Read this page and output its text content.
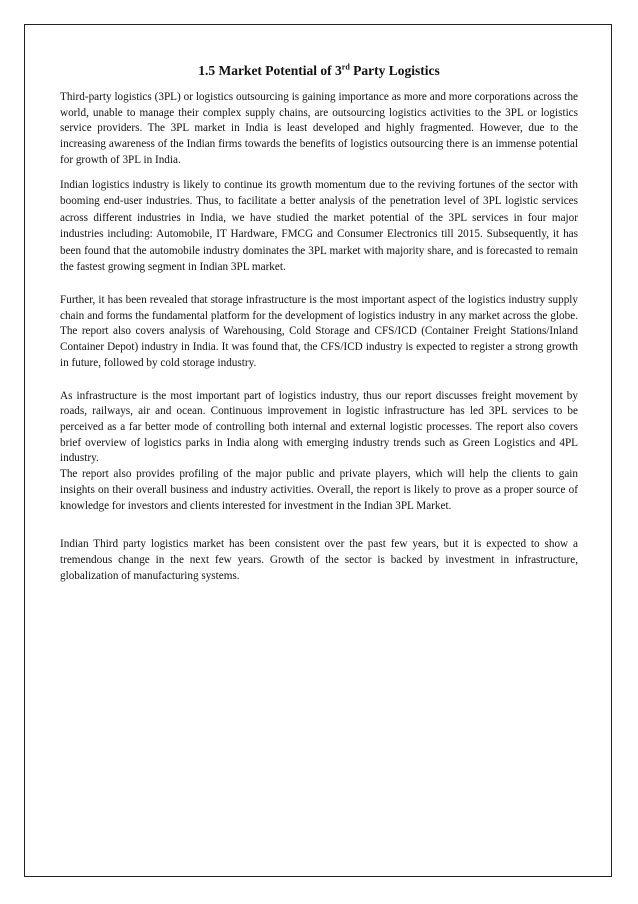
1.5 Market Potential of 3rd Party Logistics

Third-party logistics (3PL) or logistics outsourcing is gaining importance as more and more corporations across the world, unable to manage their complex supply chains, are outsourcing logistics activities to the 3PL or logistics service providers. The 3PL market in India is least developed and highly fragmented. However, due to the increasing awareness of the Indian firms towards the benefits of logistics outsourcing there is an immense potential for growth of 3PL in India.

Indian logistics industry is likely to continue its growth momentum due to the reviving fortunes of the sector with booming end-user industries. Thus, to facilitate a better analysis of the penetration level of 3PL logistic services across different industries in India, we have studied the market potential of the 3PL services in four major industries including: Automobile, IT Hardware, FMCG and Consumer Electronics till 2015. Subsequently, it has been found that the automobile industry dominates the 3PL market with majority share, and is forecasted to remain the fastest growing segment in Indian 3PL market.

Further, it has been revealed that storage infrastructure is the most important aspect of the logistics industry supply chain and forms the fundamental platform for the development of logistics industry in any market across the globe. The report also covers analysis of Warehousing, Cold Storage and CFS/ICD (Container Freight Stations/Inland Container Depot) industry in India. It was found that, the CFS/ICD industry is expected to register a strong growth in future, followed by cold storage industry.

As infrastructure is the most important part of logistics industry, thus our report discusses freight movement by roads, railways, air and ocean. Continuous improvement in logistic infrastructure has led 3PL services to be perceived as a far better mode of controlling both internal and external logistic processes. The report also covers brief overview of logistics parks in India along with emerging industry trends such as Green Logistics and 4PL industry.

The report also provides profiling of the major public and private players, which will help the clients to gain insights on their overall business and industry activities. Overall, the report is likely to prove as a proper source of knowledge for investors and clients interested for investment in the Indian 3PL Market.

Indian Third party logistics market has been consistent over the past few years, but it is expected to show a tremendous change in the next few years. Growth of the sector is backed by investment in infrastructure, globalization of manufacturing systems.
